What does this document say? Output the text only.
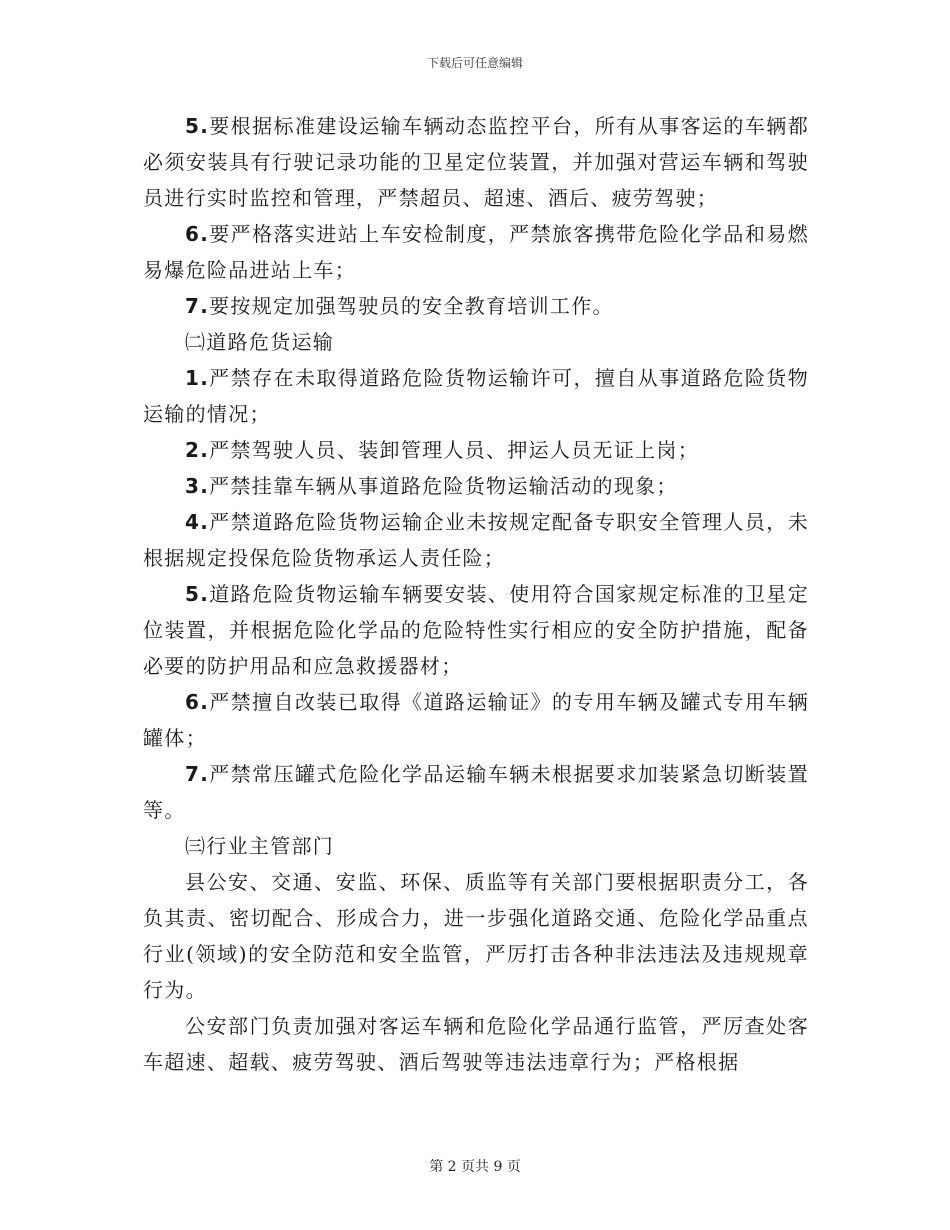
下载后可任意编辑

5.要根据标准建设运输车辆动态监控平台，所有从事客运的车辆都必须安装具有行驶记录功能的卫星定位装置，并加强对营运车辆和驾驶员进行实时监控和管理，严禁超员、超速、酒后、疲劳驾驶；

6.要严格落实进站上车安检制度，严禁旅客携带危险化学品和易燃易爆危险品进站上车；

7.要按规定加强驾驶员的安全教育培训工作。

㈡道路危货运输

1.严禁存在未取得道路危险货物运输许可，擅自从事道路危险货物运输的情况；

2.严禁驾驶人员、装卸管理人员、押运人员无证上岗；

3.严禁挂靠车辆从事道路危险货物运输活动的现象；

4.严禁道路危险货物运输企业未按规定配备专职安全管理人员，未根据规定投保危险货物承运人责任险；

5.道路危险货物运输车辆要安装、使用符合国家规定标准的卫星定位装置，并根据危险化学品的危险特性实行相应的安全防护措施，配备必要的防护用品和应急救援器材；

6.严禁擅自改装已取得《道路运输证》的专用车辆及罐式专用车辆罐体；

7.严禁常压罐式危险化学品运输车辆未根据要求加装紧急切断装置等。

㈢行业主管部门

县公安、交通、安监、环保、质监等有关部门要根据职责分工，各负其责、密切配合、形成合力，进一步强化道路交通、危险化学品重点行业(领域)的安全防范和安全监管，严厉打击各种非法违法及违规规章行为。

公安部门负责加强对客运车辆和危险化学品通行监管，严厉查处客车超速、超载、疲劳驾驶、酒后驾驶等违法违章行为；严格根据

第 2 页共 9 页
